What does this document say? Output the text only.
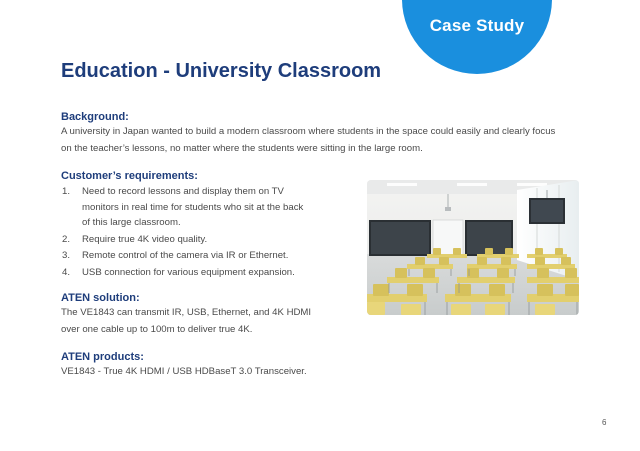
Case Study
Education - University Classroom
Background:

A university in Japan wanted to build a modern classroom where students in the space could easily and clearly focus
on the teacher’s lessons, no matter where the students were sitting in the large room.

Customer’s requirements:
1. Need to record lessons and display them on TV
monitors in real time for students who sit at the back
of this large classroom.
2. Require true 4K video quality.
3. Remote control of the camera via IR or Ethernet.
4. USB connection for various equipment expansion.
ATEN solution:

The VE1843 can transmit IR, USB, Ethernet, and 4K HDMI
over one cable up to 100m to deliver true 4K.

ATEN products:

VE1843 - True 4K HDMI / USB HDBaseT 3.0 Transceiver.

6
